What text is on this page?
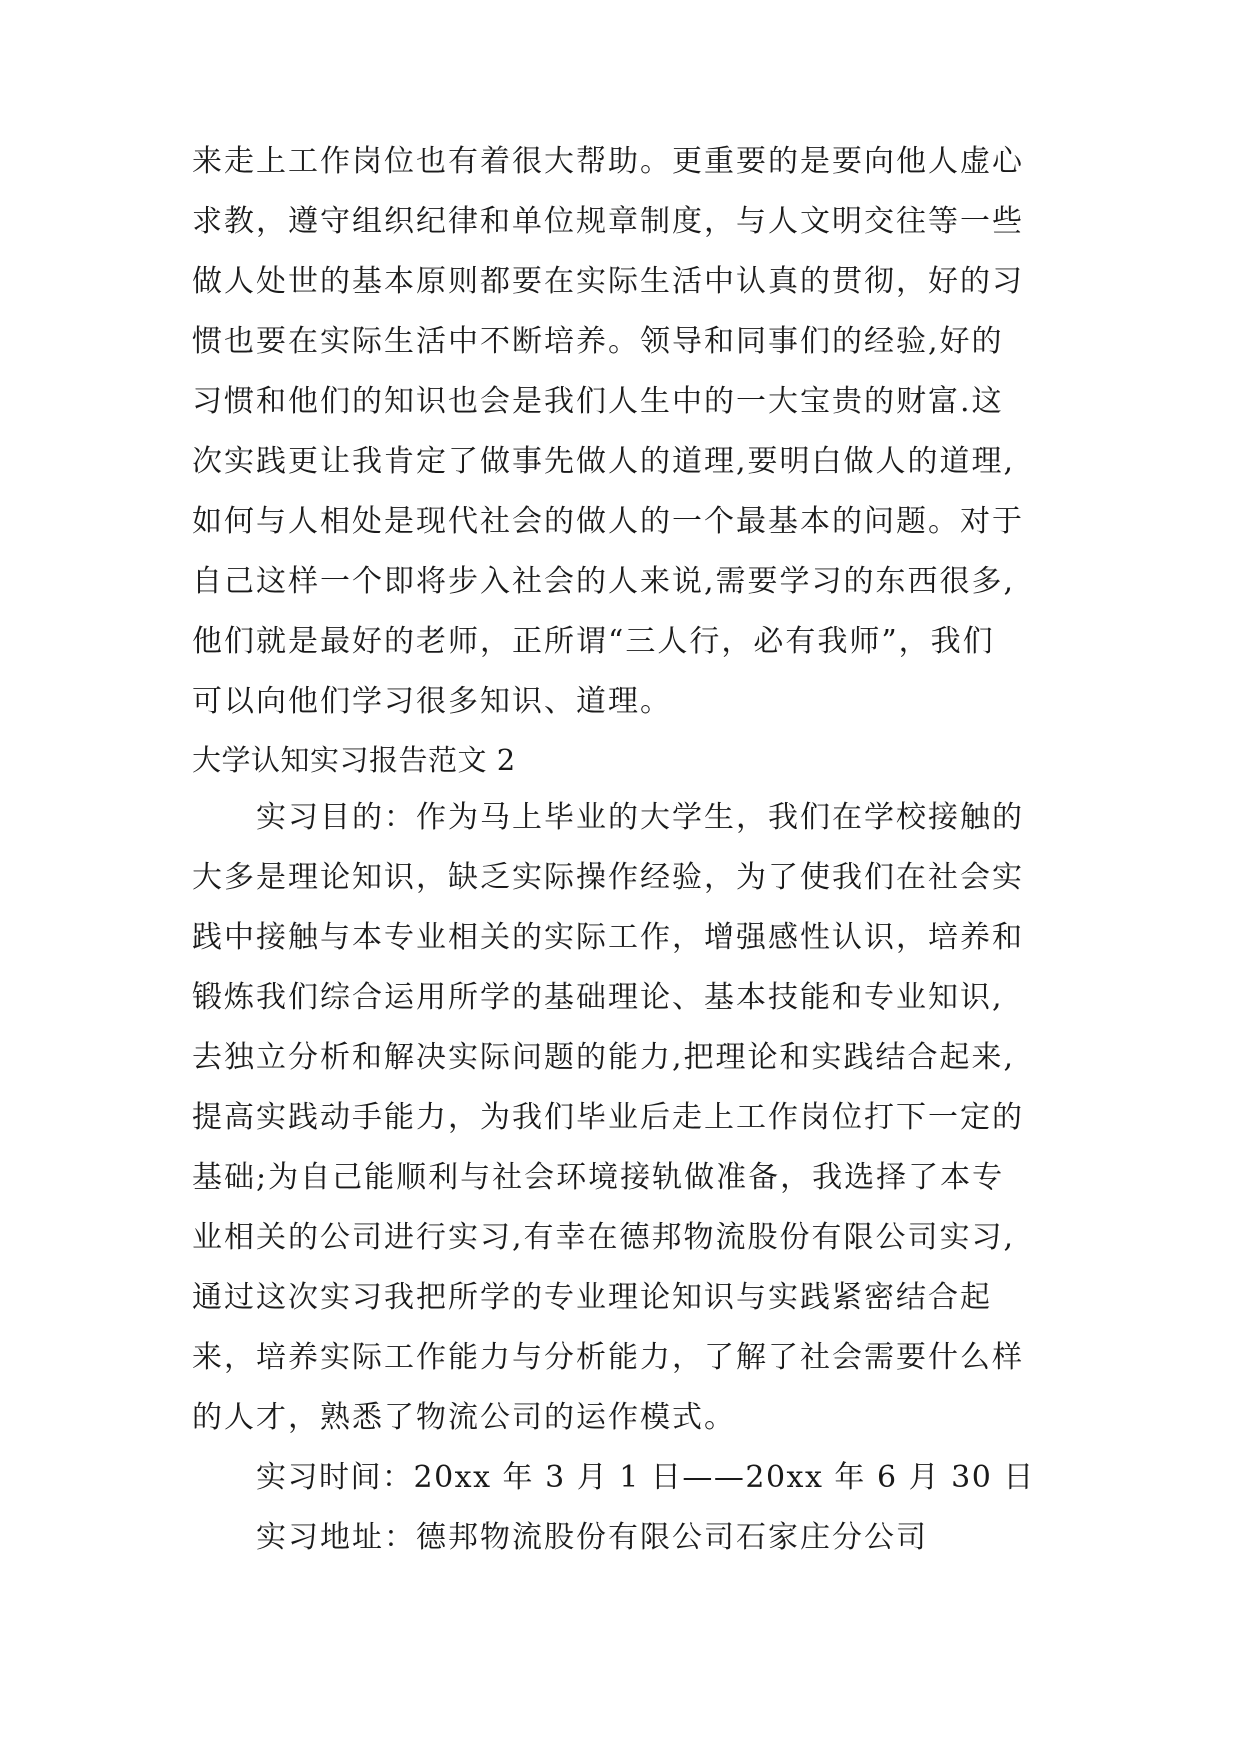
来走上工作岗位也有着很大帮助。更重要的是要向他人虚心
求教，遵守组织纪律和单位规章制度，与人文明交往等一些
做人处世的基本原则都要在实际生活中认真的贯彻，好的习
惯也要在实际生活中不断培养。领导和同事们的经验,好的
习惯和他们的知识也会是我们人生中的一大宝贵的财富.这
次实践更让我肯定了做事先做人的道理,要明白做人的道理,
如何与人相处是现代社会的做人的一个最基本的问题。对于
自己这样一个即将步入社会的人来说,需要学习的东西很多,
他们就是最好的老师，正所谓“三人行，必有我师”，我们
可以向他们学习很多知识、道理。
大学认知实习报告范文 2
实习目的：作为马上毕业的大学生，我们在学校接触的
大多是理论知识，缺乏实际操作经验，为了使我们在社会实
践中接触与本专业相关的实际工作，增强感性认识，培养和
锻炼我们综合运用所学的基础理论、基本技能和专业知识,
去独立分析和解决实际问题的能力,把理论和实践结合起来,
提高实践动手能力，为我们毕业后走上工作岗位打下一定的
基础;为自己能顺利与社会环境接轨做准备，我选择了本专
业相关的公司进行实习,有幸在德邦物流股份有限公司实习,
通过这次实习我把所学的专业理论知识与实践紧密结合起
来，培养实际工作能力与分析能力，了解了社会需要什么样
的人才，熟悉了物流公司的运作模式。
实习时间：20xx 年 3 月 1 日——20xx 年 6 月 30 日
实习地址：德邦物流股份有限公司石家庄分公司
